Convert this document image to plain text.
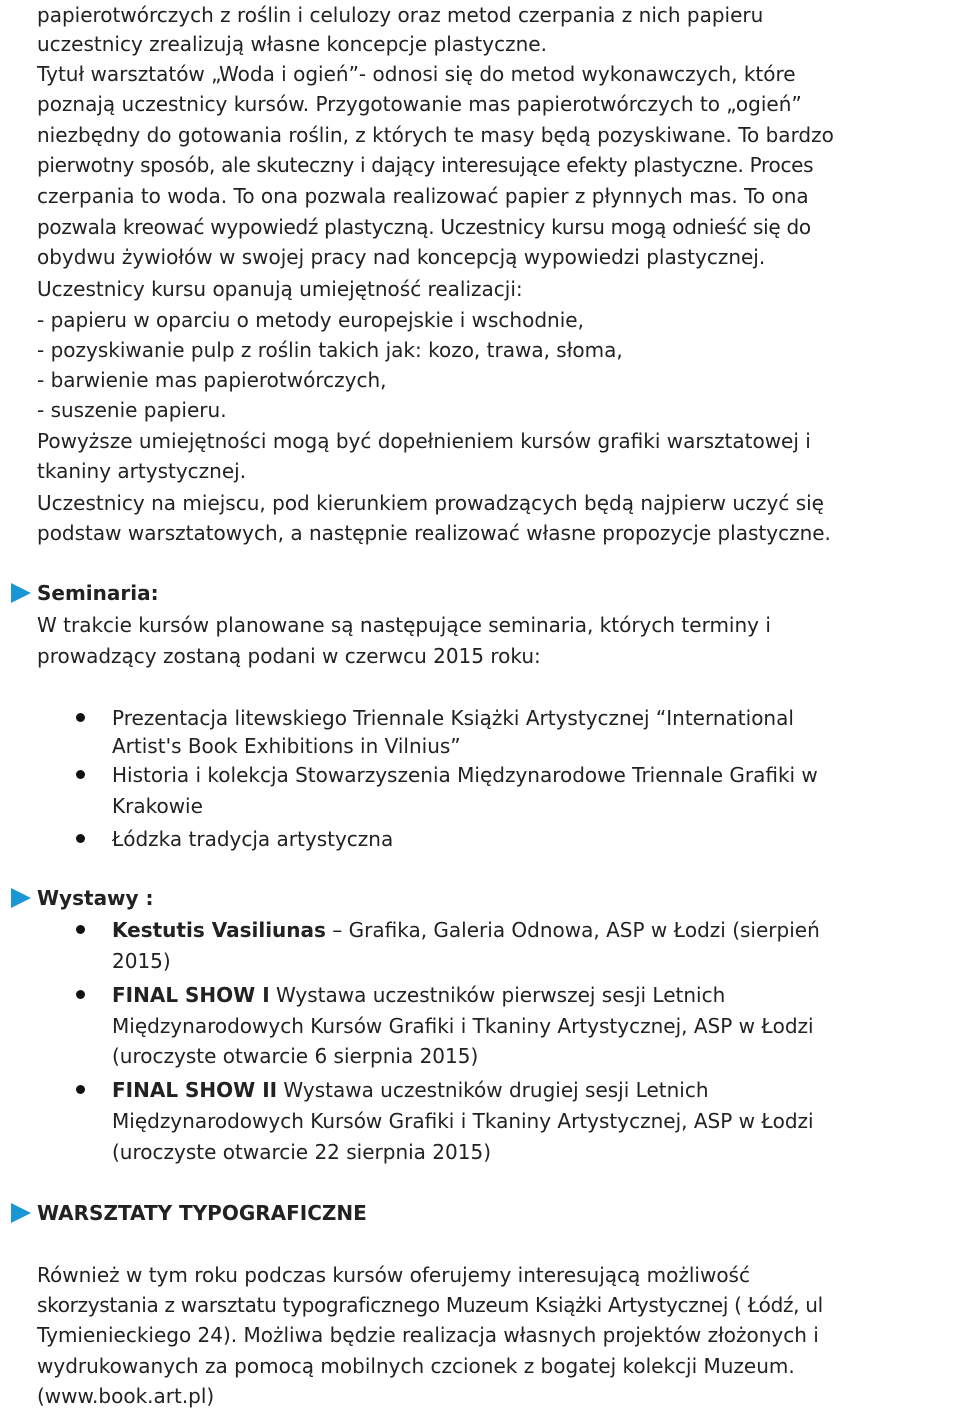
papierotwórczych z roślin i celulozy oraz metod czerpania z nich papieru
uczestnicy zrealizują własne koncepcje plastyczne.
Tytuł warsztatów „Woda i ogień”- odnosi się do metod wykonawczych, które
poznają uczestnicy kursów. Przygotowanie mas papierotwórczych to „ogień”
niezbędny do gotowania roślin, z których te masy będą pozyskiwane. To bardzo
pierwotny sposób, ale skuteczny i dający interesujące efekty plastyczne. Proces
czerpania to woda. To ona pozwala realizować papier z płynnych mas. To ona
pozwala kreować wypowiedź plastyczną. Uczestnicy kursu mogą odnieść się do
obydwu żywiołów w swojej pracy nad koncepcją wypowiedzi plastycznej.
Uczestnicy kursu opanują umiejętność realizacji:
- papieru w oparciu o metody europejskie i wschodnie,
- pozyskiwanie pulp z roślin takich jak: kozo, trawa, słoma,
- barwienie mas papierotwórczych,
- suszenie papieru.
Powyższe umiejętności mogą być dopełnieniem kursów grafiki warsztatowej i
tkaniny artystycznej.
Uczestnicy na miejscu, pod kierunkiem prowadzących będą najpierw uczyć się
podstaw warsztatowych, a następnie realizować własne propozycje plastyczne.
Seminaria:
W trakcie kursów planowane są następujące seminaria, których terminy i
prowadzący zostaną podani w czerwcu 2015 roku:
Prezentacja litewskiego Triennale Książki Artystycznej “International
Artist's Book Exhibitions in Vilnius”
Historia i kolekcja Stowarzyszenia Międzynarodowe Triennale Grafiki w
Krakowie
Łódzka tradycja artystyczna
Wystawy :
Kestutis Vasiliunas – Grafika, Galeria Odnowa, ASP w Łodzi (sierpień
2015)
FINAL SHOW I Wystawa uczestników pierwszej sesji Letnich
Międzynarodowych Kursów Grafiki i Tkaniny Artystycznej, ASP w Łodzi
(uroczyste otwarcie 6 sierpnia 2015)
FINAL SHOW II Wystawa uczestników drugiej sesji Letnich
Międzynarodowych Kursów Grafiki i Tkaniny Artystycznej, ASP w Łodzi
(uroczyste otwarcie 22 sierpnia 2015)
WARSZTATY TYPOGRAFICZNE
Również w tym roku podczas kursów oferujemy interesującą możliwość
skorzystania z warsztatu typograficznego Muzeum Książki Artystycznej ( Łódź, ul
Tymienieckiego 24). Możliwa będzie realizacja własnych projektów złożonych i
wydrukowanych za pomocą mobilnych czcionek z bogatej kolekcji Muzeum.
(www.book.art.pl)
